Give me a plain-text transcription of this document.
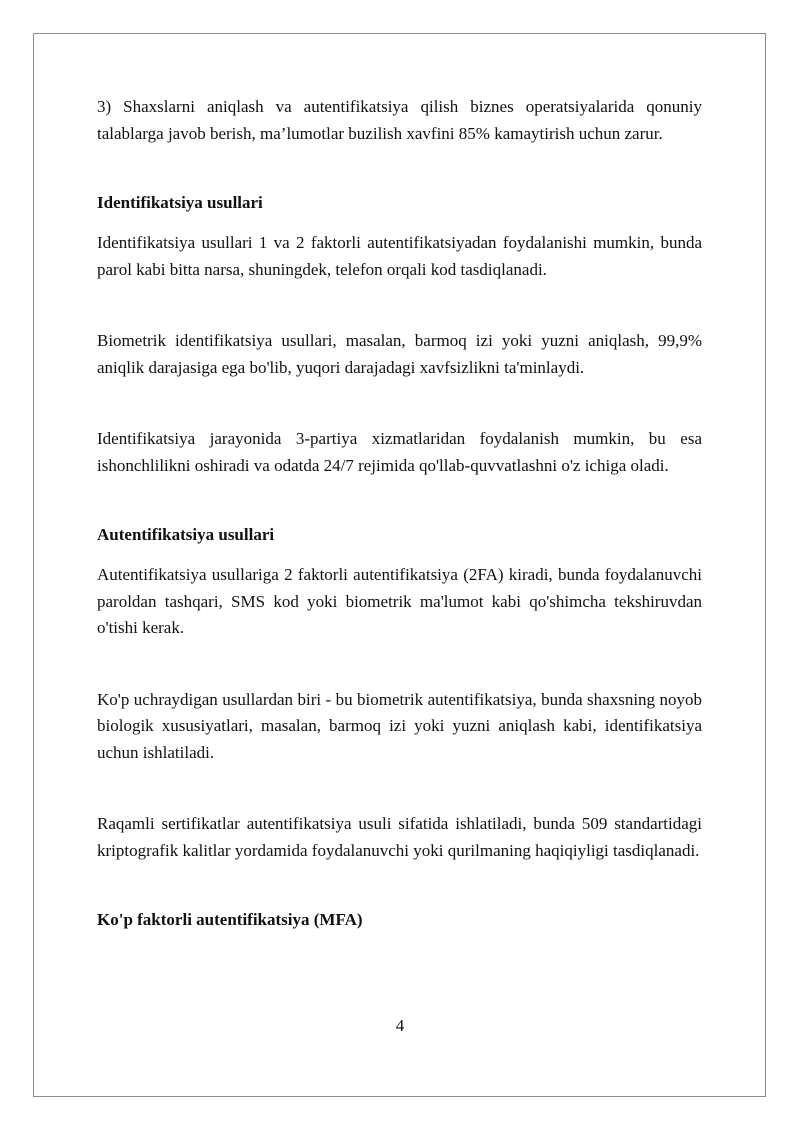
3) Shaxslarni aniqlash va autentifikatsiya qilish biznes operatsiyalarida qonuniy talablarga javob berish, ma’lumotlar buzilish xavfini 85% kamaytirish uchun zarur.

Identifikatsiya usullari

Identifikatsiya usullari 1 va 2 faktorli autentifikatsiyadan foydalanishi mumkin, bunda parol kabi bitta narsa, shuningdek, telefon orqali kod tasdiqlanadi.

Biometrik identifikatsiya usullari, masalan, barmoq izi yoki yuzni aniqlash, 99,9% aniqlik darajasiga ega bo'lib, yuqori darajadagi xavfsizlikni ta'minlaydi.

Identifikatsiya jarayonida 3-partiya xizmatlaridan foydalanish mumkin, bu esa ishonchlilikni oshiradi va odatda 24/7 rejimida qo'llab-quvvatlashni o'z ichiga oladi.

Autentifikatsiya usullari

Autentifikatsiya usullariga 2 faktorli autentifikatsiya (2FA) kiradi, bunda foydalanuvchi paroldan tashqari, SMS kod yoki biometrik ma'lumot kabi qo'shimcha tekshiruvdan o'tishi kerak.

Ko'p uchraydigan usullardan biri - bu biometrik autentifikatsiya, bunda shaxsning noyob biologik xususiyatlari, masalan, barmoq izi yoki yuzni aniqlash kabi, identifikatsiya uchun ishlatiladi.

Raqamli sertifikatlar autentifikatsiya usuli sifatida ishlatiladi, bunda 509 standartidagi kriptografik kalitlar yordamida foydalanuvchi yoki qurilmaning haqiqiyligi tasdiqlanadi.

Ko'p faktorli autentifikatsiya (MFA)
4
